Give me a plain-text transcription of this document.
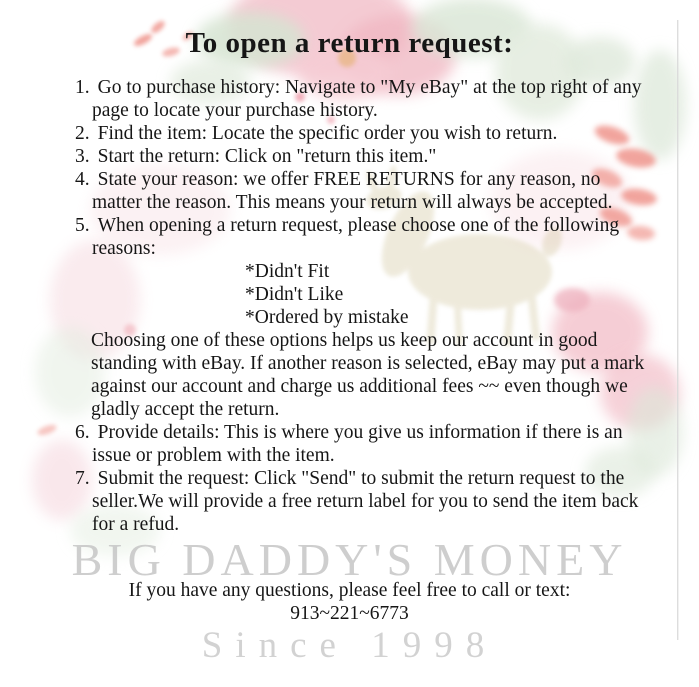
BIG DADDY'S MONEY
Since 1998
To open a return request:
1. Go to purchase history: Navigate to "My eBay" at the top right of any page to locate your purchase history.
2. Find the item: Locate the specific order you wish to return.
3. Start the return: Click on "return this item."
4. State your reason: we offer FREE RETURNS for any reason, no matter the reason. This means your return will always be accepted.
5. When opening a return request, please choose one of the following reasons:
*Didn't Fit
*Didn't Like
*Ordered by mistake
Choosing one of these options helps us keep our account in good standing with eBay. If another reason is selected, eBay may put a mark against our account and charge us additional fees ~~ even though we gladly accept the return.
6. Provide details: This is where you give us information if there is an issue or problem with the item.
7. Submit the request: Click "Send" to submit the return request to the seller.We will provide a free return label for you to send the item back for a refud.
If you have any questions, please feel free to call or text:
913~221~6773
